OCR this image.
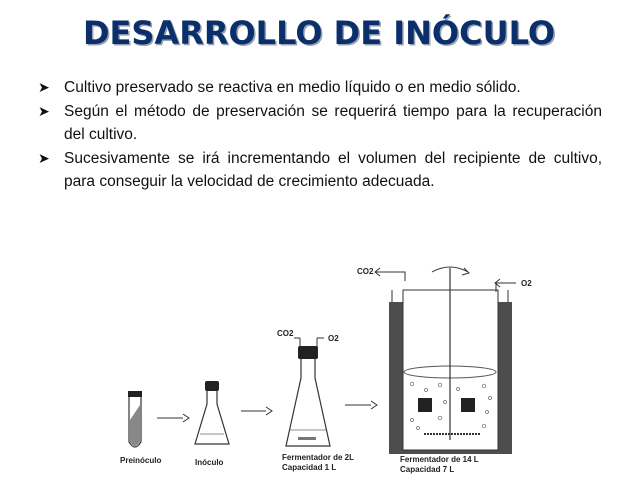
DESARROLLO DE INÓCULO
➤ Cultivo preservado se reactiva en medio líquido o en medio sólido.
➤ Según el método de preservación se requerirá tiempo para la recuperación del cultivo.
➤ Sucesivamente se irá incrementando el volumen del recipiente de cultivo, para conseguir la velocidad de crecimiento adecuada.
CO2
O2
CO2
O2
Preinóculo	Inóculo
Fermentador de 2L
Capacidad 1 L
Fermentador de 14 L
Capacidad 7 L
